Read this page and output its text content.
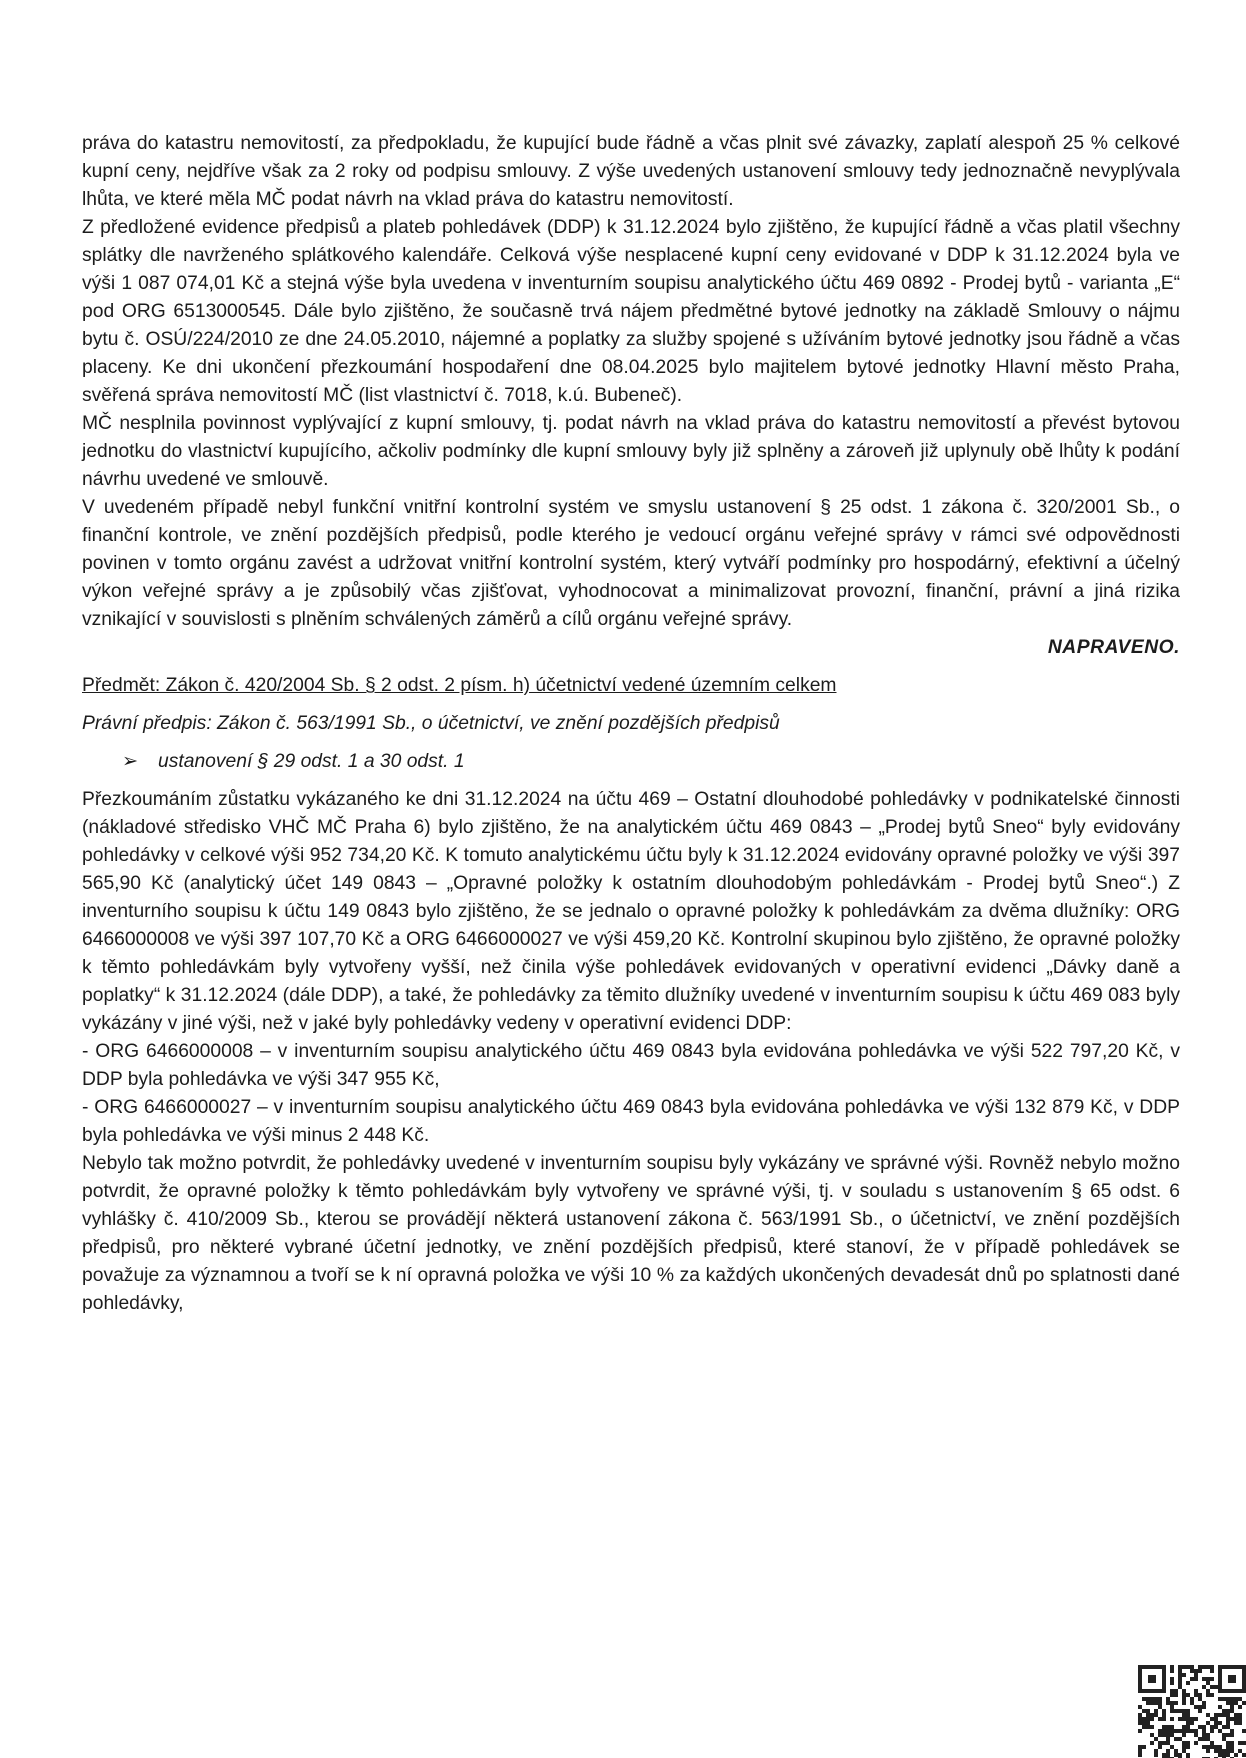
práva do katastru nemovitostí, za předpokladu, že kupující bude řádně a včas plnit své závazky, zaplatí alespoň 25 % celkové kupní ceny, nejdříve však za 2 roky od podpisu smlouvy. Z výše uvedených ustanovení smlouvy tedy jednoznačně nevyplývala lhůta, ve které měla MČ podat návrh na vklad práva do katastru nemovitostí.

Z předložené evidence předpisů a plateb pohledávek (DDP) k 31.12.2024 bylo zjištěno, že kupující řádně a včas platil všechny splátky dle navrženého splátkového kalendáře. Celková výše nesplacené kupní ceny evidované v DDP k 31.12.2024 byla ve výši 1 087 074,01 Kč a stejná výše byla uvedena v inventurním soupisu analytického účtu 469 0892 - Prodej bytů - varianta „E“ pod ORG 6513000545. Dále bylo zjištěno, že současně trvá nájem předmětné bytové jednotky na základě Smlouvy o nájmu bytu č. OSÚ/224/2010 ze dne 24.05.2010, nájemné a poplatky za služby spojené s užíváním bytové jednotky jsou řádně a včas placeny. Ke dni ukončení přezkoumání hospodaření dne 08.04.2025 bylo majitelem bytové jednotky Hlavní město Praha, svěřená správa nemovitostí MČ (list vlastnictví č. 7018, k.ú. Bubeneč).

MČ nesplnila povinnost vyplývající z kupní smlouvy, tj. podat návrh na vklad práva do katastru nemovitostí a převést bytovou jednotku do vlastnictví kupujícího, ačkoliv podmínky dle kupní smlouvy byly již splněny a zároveň již uplynuly obě lhůty k podání návrhu uvedené ve smlouvě.

V uvedeném případě nebyl funkční vnitřní kontrolní systém ve smyslu ustanovení § 25 odst. 1 zákona č. 320/2001 Sb., o finanční kontrole, ve znění pozdějších předpisů, podle kterého je vedoucí orgánu veřejné správy v rámci své odpovědnosti povinen v tomto orgánu zavést a udržovat vnitřní kontrolní systém, který vytváří podmínky pro hospodárný, efektivní a účelný výkon veřejné správy a je způsobilý včas zjišťovat, vyhodnocovat a minimalizovat provozní, finanční, právní a jiná rizika vznikající v souvislosti s plněním schválených záměrů a cílů orgánu veřejné správy.

NAPRAVENO.

Předmět: Zákon č. 420/2004 Sb. § 2 odst. 2 písm. h) účetnictví vedené územním celkem

Právní předpis: Zákon č. 563/1991 Sb., o účetnictví, ve znění pozdějších předpisů

➢	ustanovení § 29 odst. 1 a 30 odst. 1

Přezkoumáním zůstatku vykázaného ke dni 31.12.2024 na účtu 469 – Ostatní dlouhodobé pohledávky v podnikatelské činnosti (nákladové středisko VHČ MČ Praha 6) bylo zjištěno, že na analytickém účtu 469 0843 – „Prodej bytů Sneo“ byly evidovány pohledávky v celkové výši 952 734,20 Kč. K tomuto analytickému účtu byly k 31.12.2024 evidovány opravné položky ve výši 397 565,90 Kč (analytický účet 149 0843 – „Opravné položky k ostatním dlouhodobým pohledávkám - Prodej bytů Sneo“.) Z inventurního soupisu k účtu 149 0843 bylo zjištěno, že se jednalo o opravné položky k pohledávkám za dvěma dlužníky: ORG 6466000008 ve výši 397 107,70 Kč a ORG 6466000027 ve výši 459,20 Kč. Kontrolní skupinou bylo zjištěno, že opravné položky k těmto pohledávkám byly vytvořeny vyšší, než činila výše pohledávek evidovaných v operativní evidenci „Dávky daně a poplatky“ k 31.12.2024 (dále DDP), a také, že pohledávky za těmito dlužníky uvedené v inventurním soupisu k účtu 469 083 byly vykázány v jiné výši, než v jaké byly pohledávky vedeny v operativní evidenci DDP:

- ORG 6466000008 – v inventurním soupisu analytického účtu 469 0843 byla evidována pohledávka ve výši 522 797,20 Kč, v DDP byla pohledávka ve výši 347 955 Kč,

- ORG 6466000027 – v inventurním soupisu analytického účtu 469 0843 byla evidována pohledávka ve výši 132 879 Kč, v DDP byla pohledávka ve výši minus 2 448 Kč.

Nebylo tak možno potvrdit, že pohledávky uvedené v inventurním soupisu byly vykázány ve správné výši. Rovněž nebylo možno potvrdit, že opravné položky k těmto pohledávkám byly vytvořeny ve správné výši, tj. v souladu s ustanovením § 65 odst. 6 vyhlášky č. 410/2009 Sb., kterou se provádějí některá ustanovení zákona č. 563/1991 Sb., o účetnictví, ve znění pozdějších předpisů, pro některé vybrané účetní jednotky, ve znění pozdějších předpisů, které stanoví, že v případě pohledávek se považuje za významnou a tvoří se k ní opravná položka ve výši 10 % za každých ukončených devadesát dnů po splatnosti dané pohledávky,
